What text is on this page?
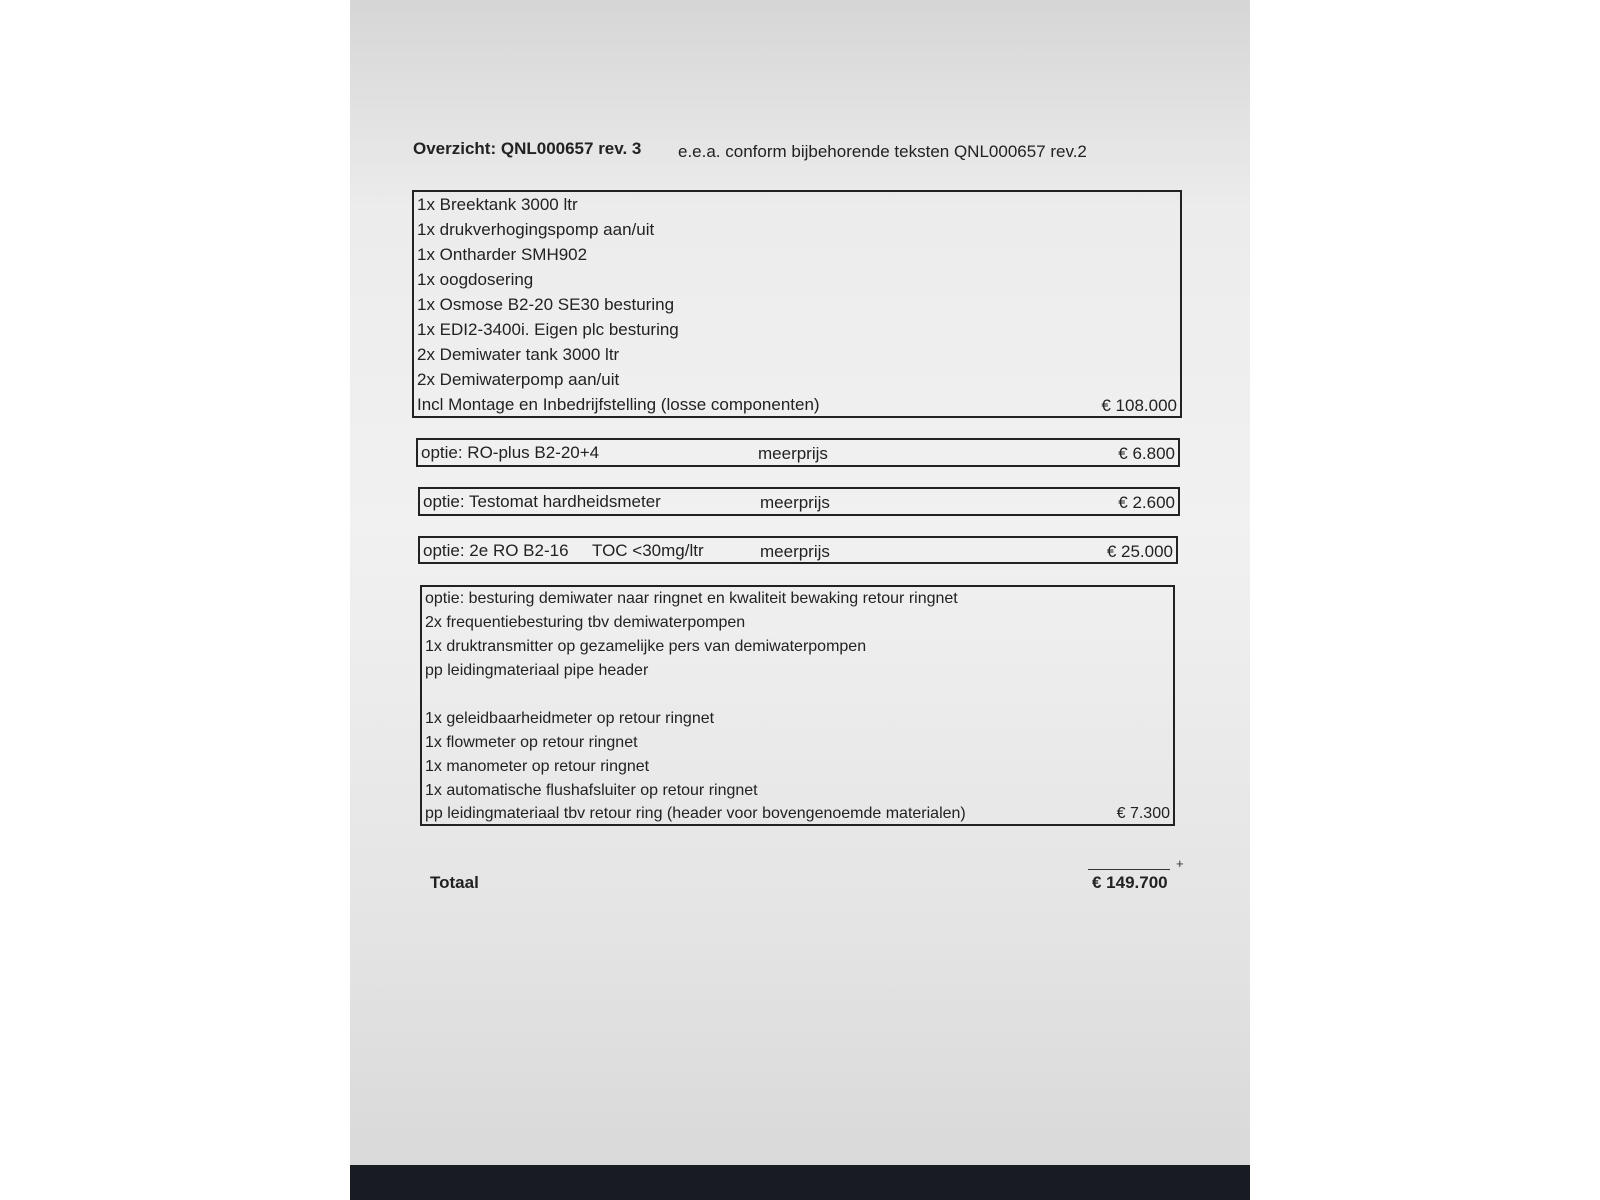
Overzicht: QNL000657 rev. 3 e.e.a. conform bijbehorende teksten QNL000657 rev.2
1x Breektank 3000 ltr
1x drukverhogingspomp aan/uit
1x Ontharder SMH902
1x oogdosering
1x Osmose B2-20 SE30 besturing
1x EDI2-3400i. Eigen plc besturing
2x Demiwater tank 3000 ltr
2x Demiwaterpomp aan/uit
Incl Montage en Inbedrijfstelling (losse componenten)	€ 108.000
optie: RO-plus B2-20+4	meerprijs	€ 6.800
optie: Testomat hardheidsmeter	meerprijs	€ 2.600
optie: 2e RO B2-16 TOC <30mg/ltr	meerprijs	€ 25.000
optie: besturing demiwater naar ringnet en kwaliteit bewaking retour ringnet
2x frequentiebesturing tbv demiwaterpompen
1x druktransmitter op gezamelijke pers van demiwaterpompen
pp leidingmateriaal pipe header
1x geleidbaarheidmeter op retour ringnet
1x flowmeter op retour ringnet
1x manometer op retour ringnet
1x automatische flushafsluiter op retour ringnet
pp leidingmateriaal tbv retour ring (header voor bovengenoemde materialen)	€ 7.300
+
Totaal	€ 149.700
